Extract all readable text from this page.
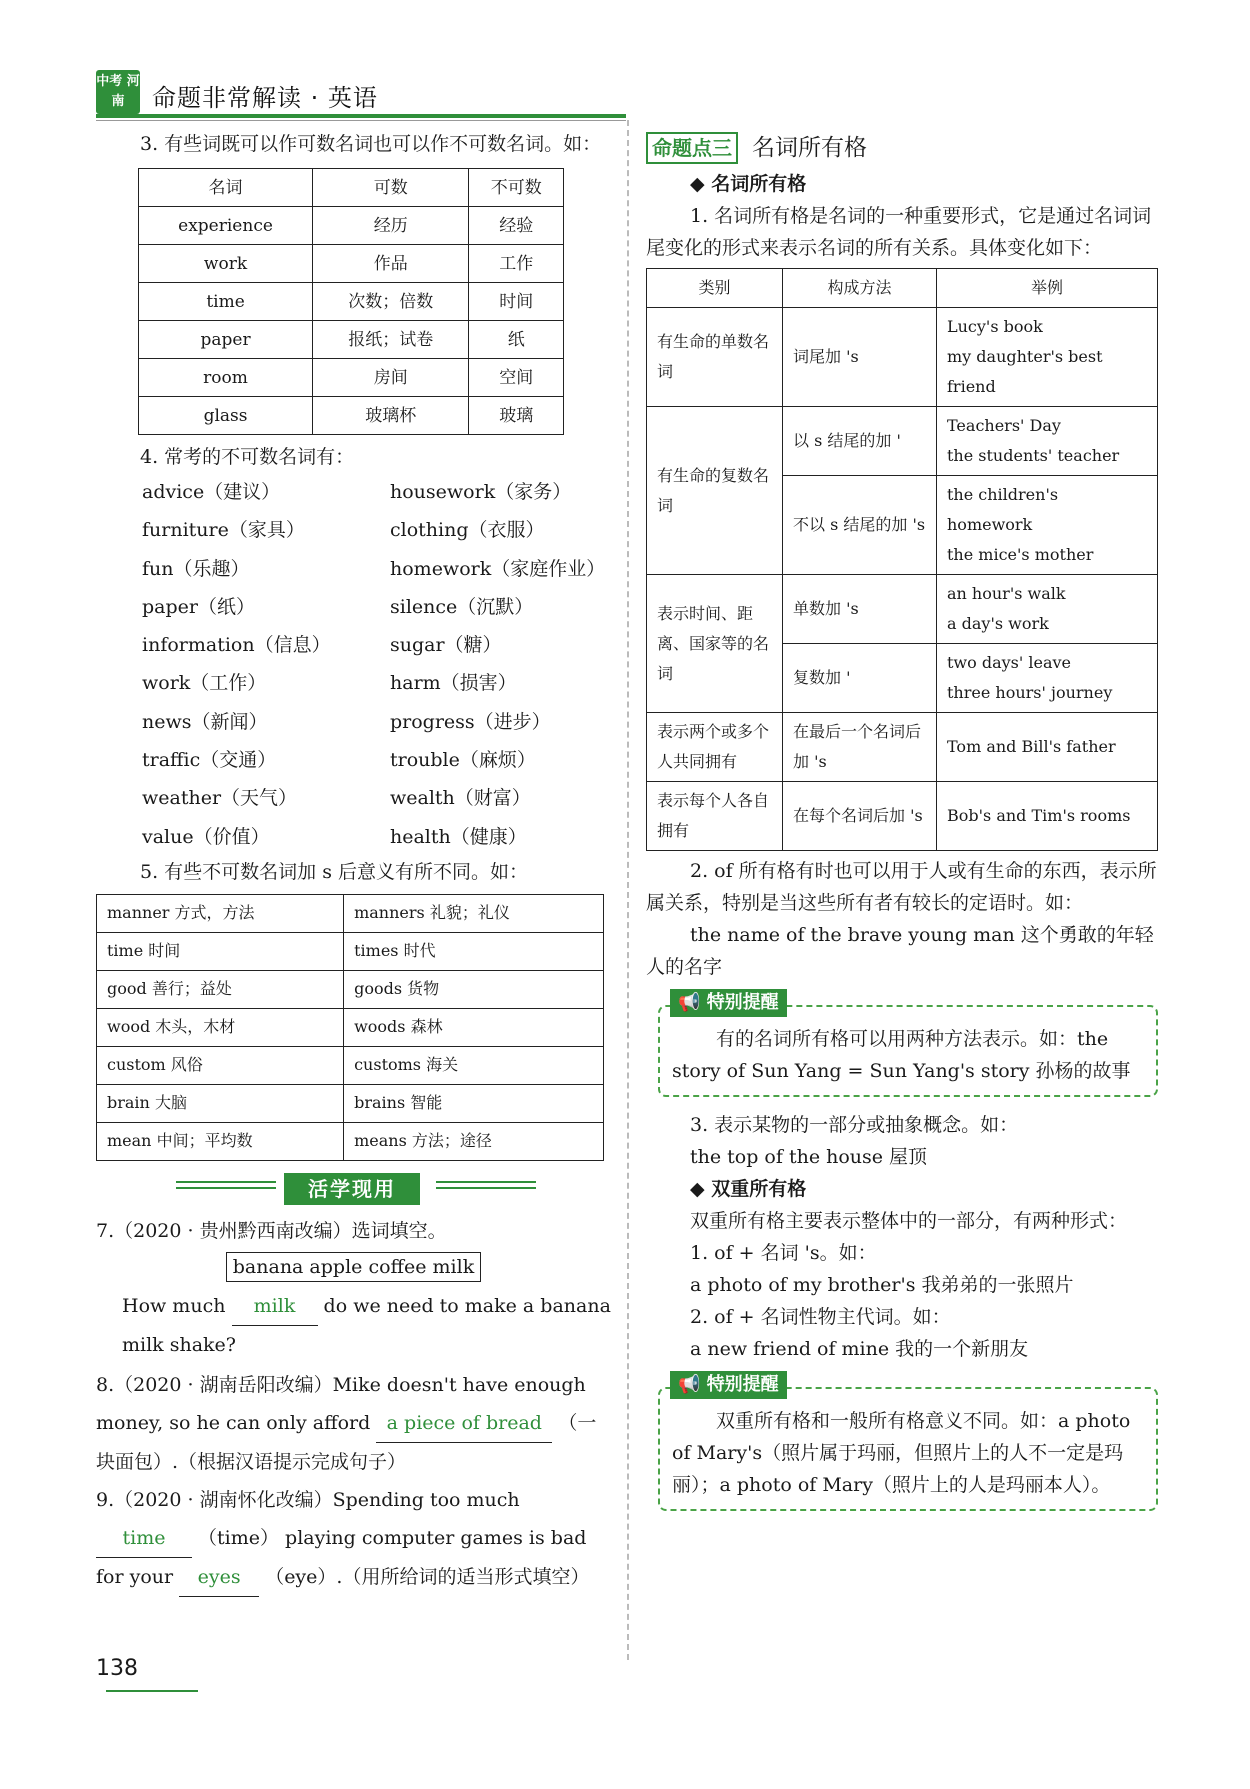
中考 河南	命题非常解读 · 英语

3. 有些词既可以作可数名词也可以作不可数名词。如：

名词	可数	不可数
experience	经历	经验
work	作品	工作
time	次数；倍数	时间
paper	报纸；试卷	纸
room	房间	空间
glass	玻璃杯	玻璃

4. 常考的不可数名词有：

advice（建议）	housework（家务）
furniture（家具）	clothing（衣服）
fun（乐趣）	homework（家庭作业）
paper（纸）	silence（沉默）
information（信息）	sugar（糖）
work（工作）	harm（损害）
news（新闻）	progress（进步）
traffic（交通）	trouble（麻烦）
weather（天气）	wealth（财富）
value（价值）	health（健康）

5. 有些不可数名词加 s 后意义有所不同。如：

manner 方式，方法	manners 礼貌；礼仪
time 时间	times 时代
good 善行；益处	goods 货物
wood 木头，木材	woods 森林
custom 风俗	customs 海关
brain 大脑	brains 智能
mean 中间；平均数	means 方法；途径
活学现用

7.（2020 · 贵州黔西南改编）选词填空。

banana apple coffee milk

How much milk do we need to make a banana milk shake?

8.（2020 · 湖南岳阳改编）Mike doesn't have enough money, so he can only afford a piece of bread （一块面包）.（根据汉语提示完成句子）

9.（2020 · 湖南怀化改编）Spending too much time （time） playing computer games is bad for your eyes （eye）.（用所给词的适当形式填空）

命题点三 名词所有格

◆ 名词所有格

1. 名词所有格是名词的一种重要形式，它是通过名词词尾变化的形式来表示名词的所有关系。具体变化如下：

类别	构成方法	举例
有生命的单数名词	词尾加 's	Lucy's book
my daughter's best friend
有生命的复数名词	以 s 结尾的加 '	Teachers' Day
the students' teacher
	不以 s 结尾的加 's	the children's homework
the mice's mother
表示时间、距离、国家等的名词	单数加 's	an hour's walk
a day's work
	复数加 '	two days' leave
three hours' journey
表示两个或多个人共同拥有	在最后一个名词后加 's	Tom and Bill's father
表示每个人各自拥有	在每个名词后加 's	Bob's and Tim's rooms

2. of 所有格有时也可以用于人或有生命的东西，表示所属关系，特别是当这些所有者有较长的定语时。如：

the name of the brave young man 这个勇敢的年轻人的名字

📢 特别提醒

有的名词所有格可以用两种方法表示。如：the story of Sun Yang = Sun Yang's story 孙杨的故事

3. 表示某物的一部分或抽象概念。如：

the top of the house 屋顶

◆ 双重所有格

双重所有格主要表示整体中的一部分，有两种形式：

1. of + 名词 's。如：

a photo of my brother's 我弟弟的一张照片

2. of + 名词性物主代词。如：

a new friend of mine 我的一个新朋友

📢 特别提醒

双重所有格和一般所有格意义不同。如：a photo of Mary's（照片属于玛丽，但照片上的人不一定是玛丽）；a photo of Mary（照片上的人是玛丽本人）。

138
